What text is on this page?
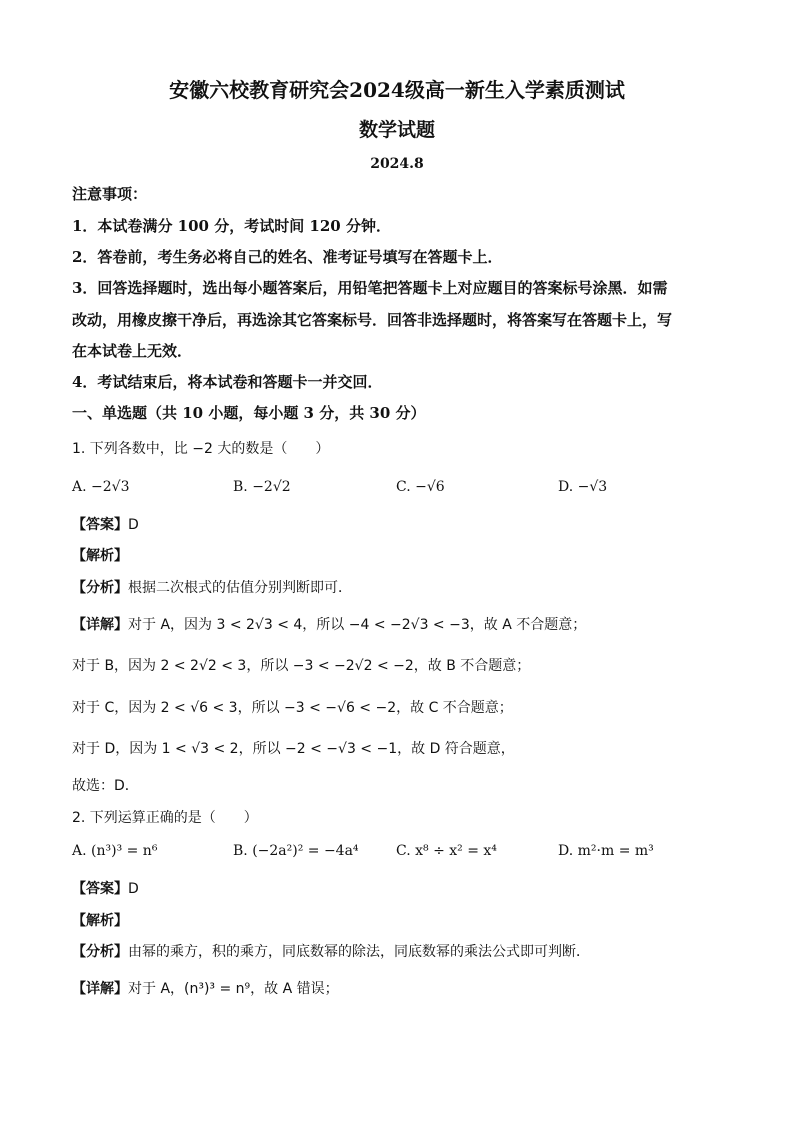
安徽六校教育研究会2024级高一新生入学素质测试
数学试题
2024.8
注意事项：
1．本试卷满分 100 分，考试时间 120 分钟．
2．答卷前，考生务必将自己的姓名、准考证号填写在答题卡上．
3．回答选择题时，选出每小题答案后，用铅笔把答题卡上对应题目的答案标号涂黑．如需
改动，用橡皮擦干净后，再选涂其它答案标号．回答非选择题时，将答案写在答题卡上，写
在本试卷上无效．
4．考试结束后，将本试卷和答题卡一并交回．
一、单选题（共 10 小题，每小题 3 分，共 30 分）
1. 下列各数中，比 −2 大的数是（　　）
A. −2√3	B. −2√2	C. −√6	D. −√3
【答案】D
【解析】
【分析】根据二次根式的估值分别判断即可．
【详解】对于 A，因为 3 < 2√3 < 4，所以 −4 < −2√3 < −3，故 A 不合题意；
对于 B，因为 2 < 2√2 < 3，所以 −3 < −2√2 < −2，故 B 不合题意；
对于 C，因为 2 < √6 < 3，所以 −3 < −√6 < −2，故 C 不合题意；
对于 D，因为 1 < √3 < 2，所以 −2 < −√3 < −1，故 D 符合题意，
故选：D．
2. 下列运算正确的是（　　）
A. (n³)³ = n⁶	B. (−2a²)² = −4a⁴	C. x⁸ ÷ x² = x⁴	D. m²·m = m³
【答案】D
【解析】
【分析】由幂的乘方，积的乘方，同底数幂的除法，同底数幂的乘法公式即可判断．
【详解】对于 A，(n³)³ = n⁹，故 A 错误；
